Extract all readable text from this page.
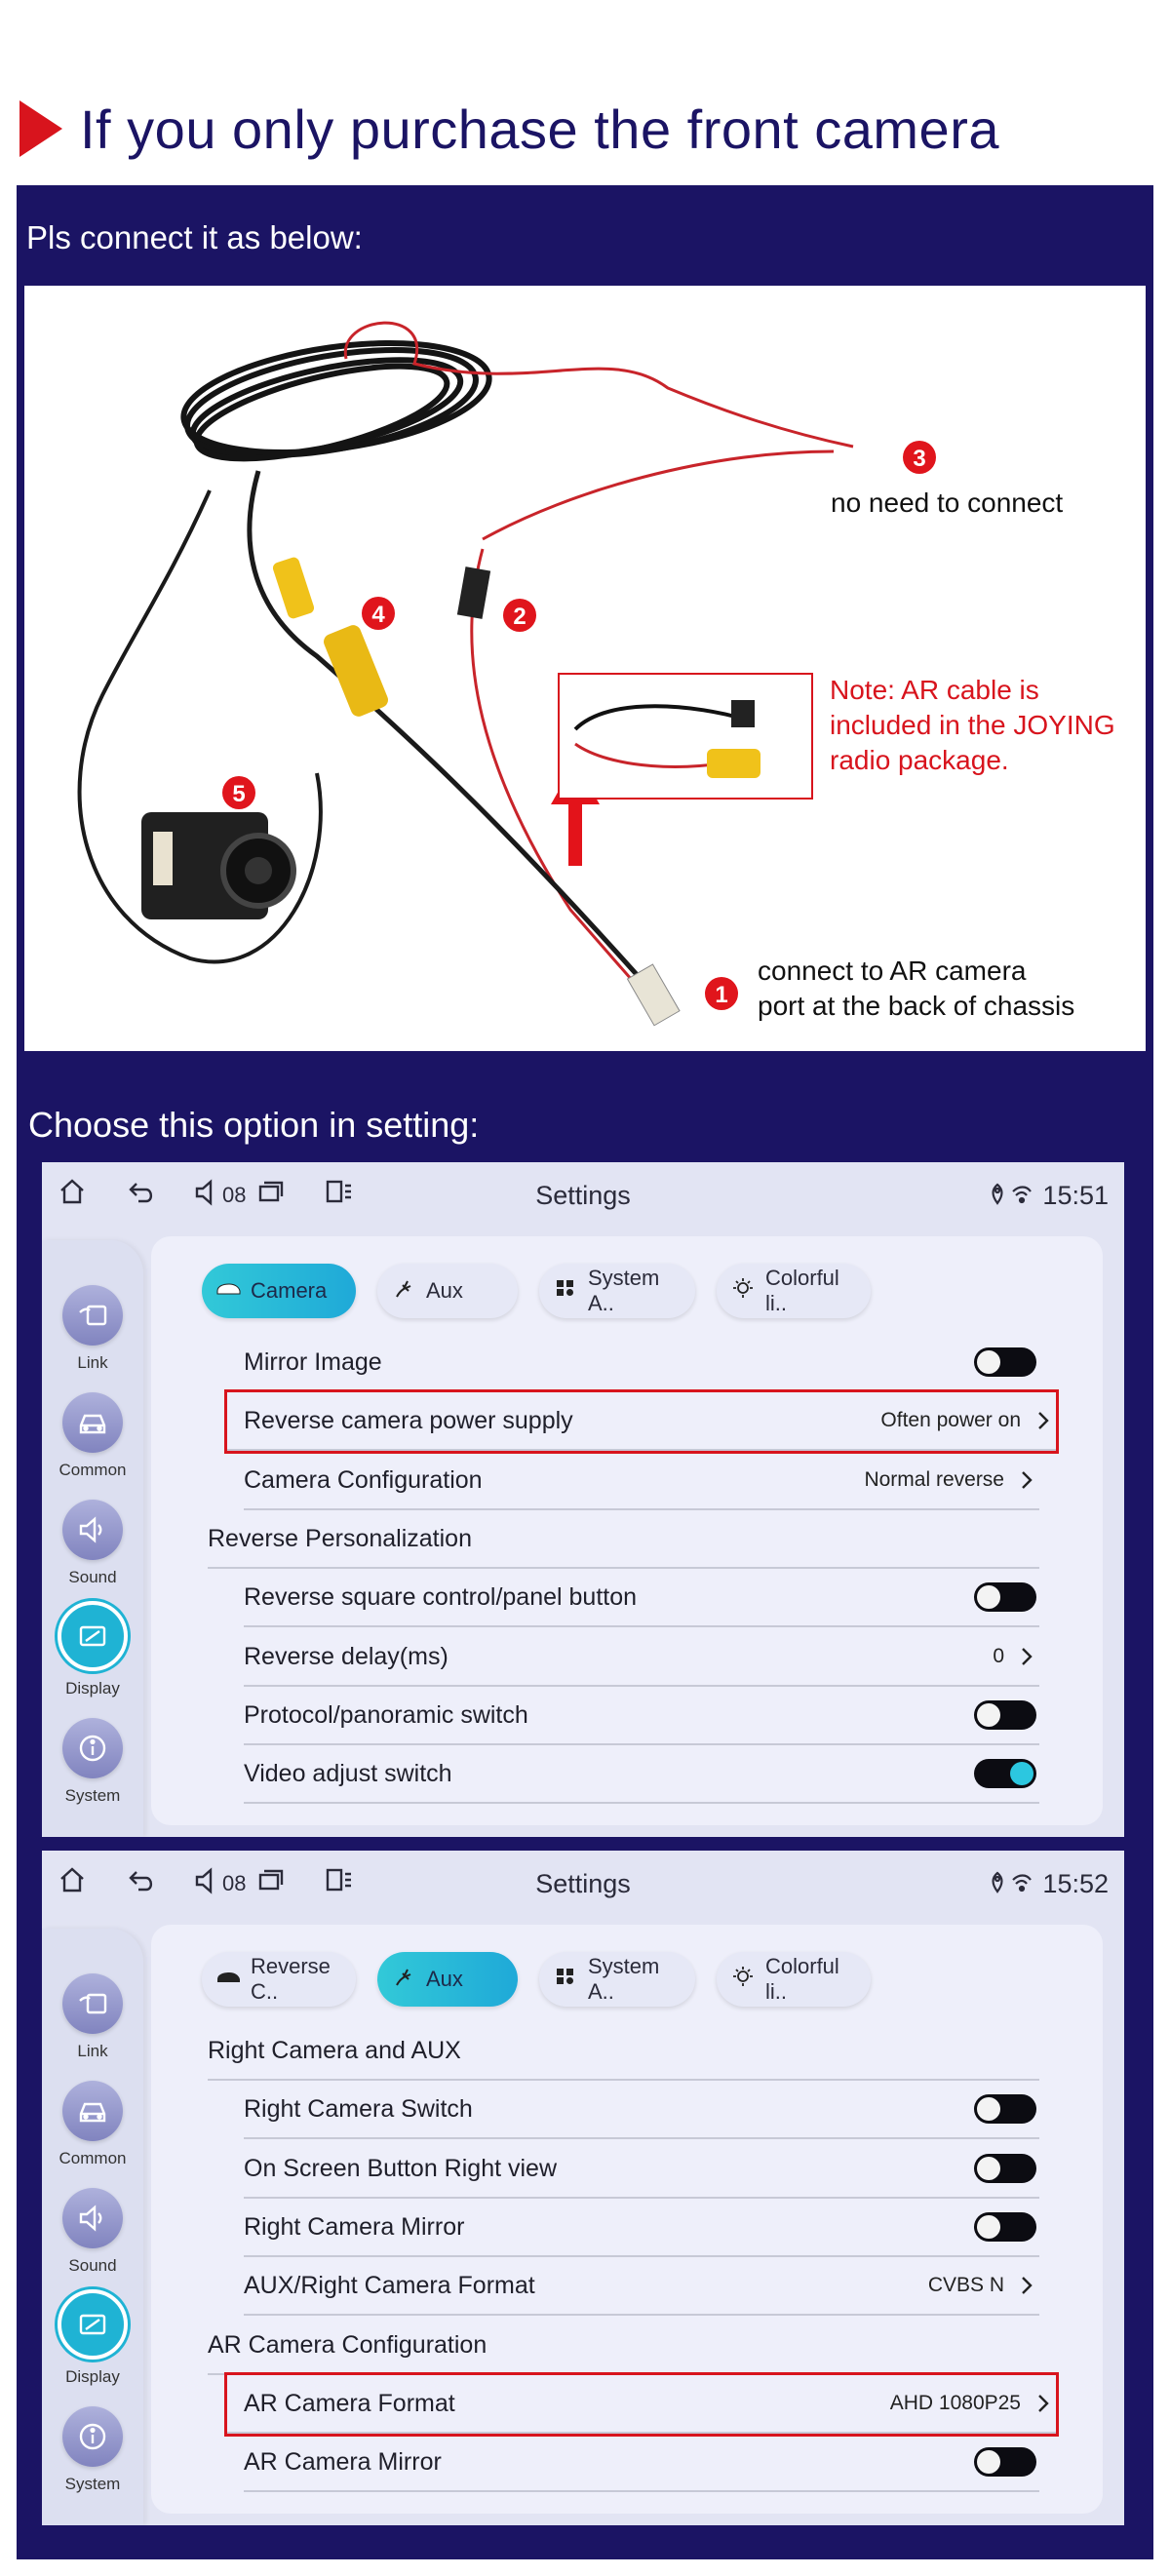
If you only purchase the front camera
Pls connect it as below:
3
2
4
5
1
no need to connect
Note: AR cable is
included in the JOYING
radio package.
connect to AR camera
port at the back of chassis
Choose this option in setting:
08	Settings	15:51
Link
Common
Sound
Display
System
Camera	Aux
System A..
Colorful li..
Mirror Image
Reverse camera power supply	Often power on
Camera Configuration	Normal reverse
Reverse Personalization
Reverse square control/panel button
Reverse delay(ms)	0
Protocol/panoramic switch
Video adjust switch
08	Settings	15:52
Link
Common
Sound
Display
System
Reverse C..
Aux
System A..
Colorful li..
Right Camera and AUX
Right Camera Switch
On Screen Button Right view
Right Camera Mirror
AUX/Right Camera Format	CVBS N
AR Camera Configuration
AR Camera Format	AHD 1080P25
AR Camera Mirror
